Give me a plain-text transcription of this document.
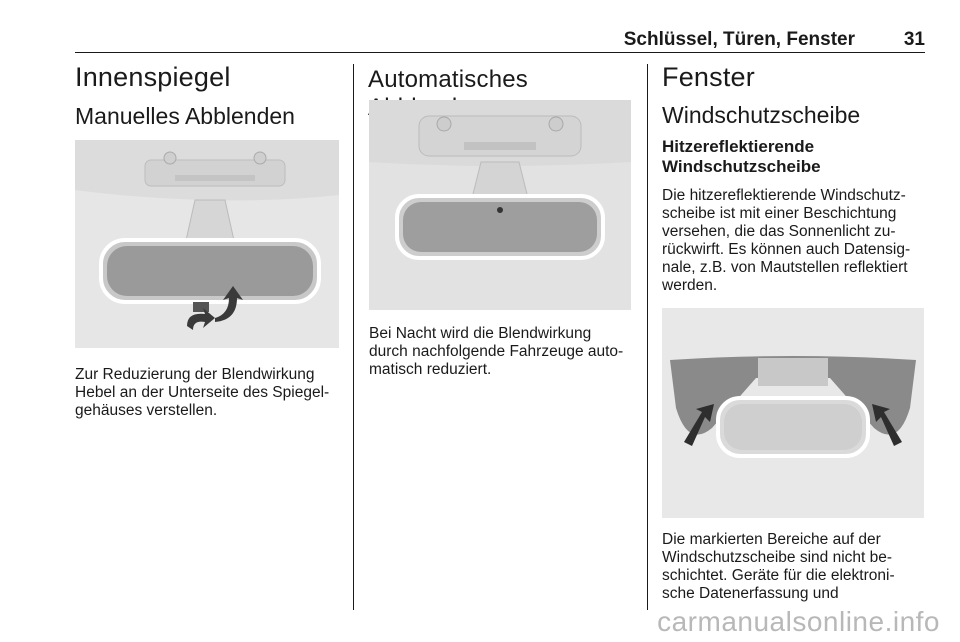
Schlüssel, Türen, Fenster	31
Innenspiegel
Manuelles Abblenden

Zur Reduzierung der Blendwirkung

Hebel an der Unterseite des Spiegel-

gehäuses verstellen.

Automatisches

Bei Nacht wird die Blendwirkung

durch nachfolgende Fahrzeuge auto-

matisch reduziert.

Fenster
Windschutzscheibe
Hitzereflektierende
Windschutzscheibe

Die hitzereflektierende Windschutz-

scheibe ist mit einer Beschichtung

versehen, die das Sonnenlicht zu-

rückwirft. Es können auch Datensig-

nale, z.B. von Mautstellen reflektiert

werden.

Die markierten Bereiche auf der

Windschutzscheibe sind nicht be-

schichtet. Geräte für die elektroni-

sche Datenerfassung und

carmanualsonline.info
